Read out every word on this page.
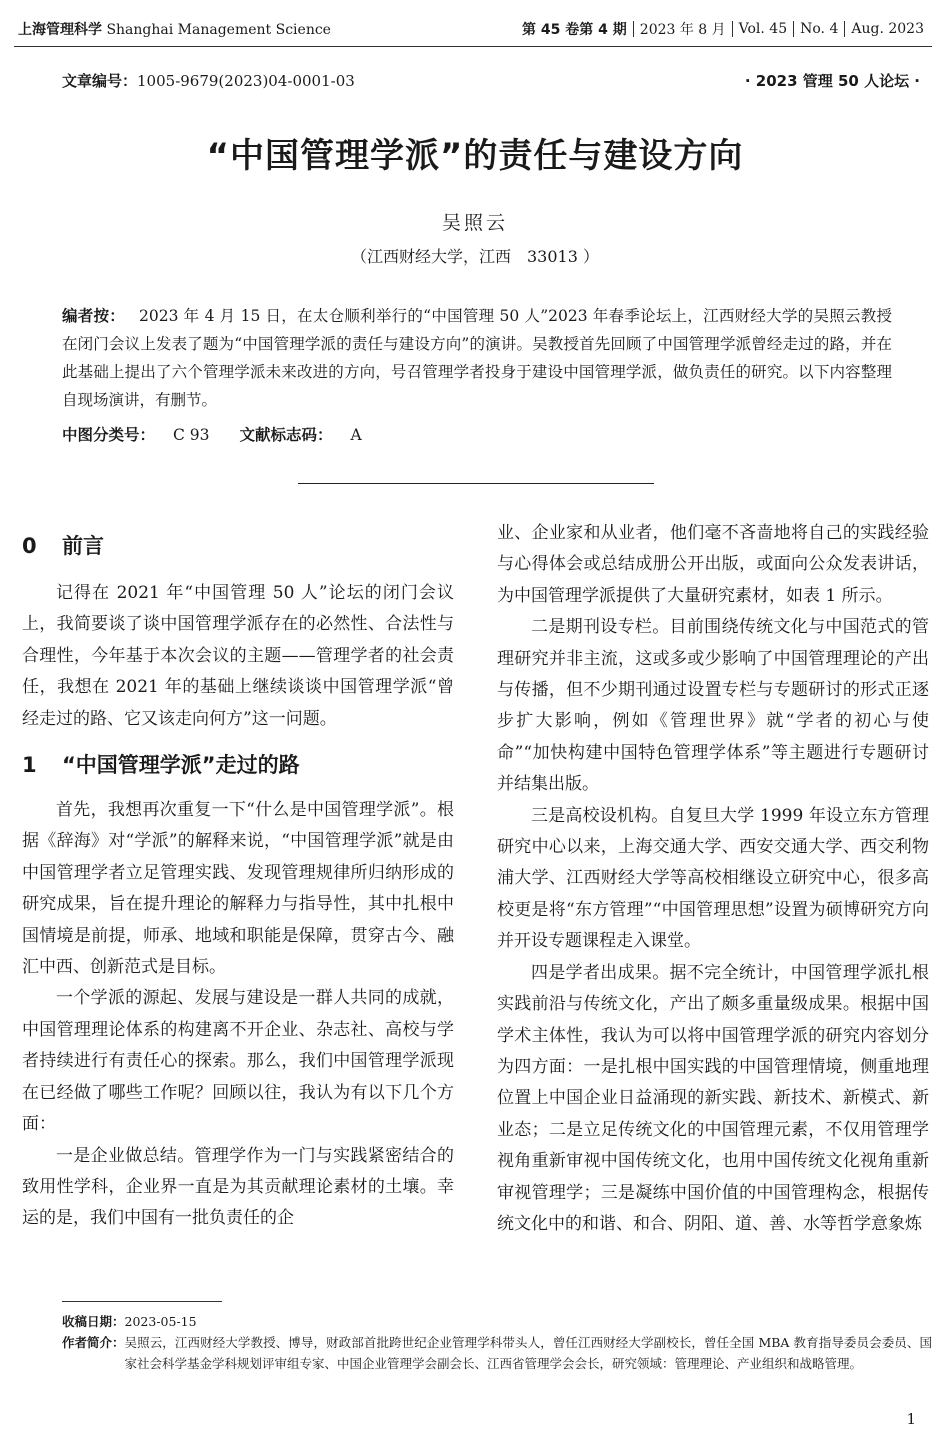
上海管理科学 Shanghai Management Science	第 45 卷第 4 期 2023 年 8 月 Vol. 45 No. 4 Aug. 2023
文章编号：1005-9679(2023)04-0001-03	· 2023 管理 50 人论坛 ·
“中国管理学派”的责任与建设方向
吴照云
（江西财经大学，江西　33013 ）
编者按： 2023 年 4 月 15 日，在太仓顺利举行的“中国管理 50 人”2023 年春季论坛上，江西财经大学的吴照云教授在闭门会议上发表了题为“中国管理学派的责任与建设方向”的演讲。吴教授首先回顾了中国管理学派曾经走过的路，并在此基础上提出了六个管理学派未来改进的方向，号召管理学者投身于建设中国管理学派，做负责任的研究。以下内容整理自现场演讲，有删节。
中图分类号： C 93 文献标志码： A
0 前言

记得在 2021 年“中国管理 50 人”论坛的闭门会议上，我简要谈了谈中国管理学派存在的必然性、合法性与合理性，今年基于本次会议的主题——管理学者的社会责任，我想在 2021 年的基础上继续谈谈中国管理学派“曾经走过的路、它又该走向何方”这一问题。

1 “中国管理学派”走过的路

首先，我想再次重复一下“什么是中国管理学派”。根据《辞海》对“学派”的解释来说，“中国管理学派”就是由中国管理学者立足管理实践、发现管理规律所归纳形成的研究成果，旨在提升理论的解释力与指导性，其中扎根中国情境是前提，师承、地域和职能是保障，贯穿古今、融汇中西、创新范式是目标。

一个学派的源起、发展与建设是一群人共同的成就，中国管理理论体系的构建离不开企业、杂志社、高校与学者持续进行有责任心的探索。那么，我们中国管理学派现在已经做了哪些工作呢？回顾以往，我认为有以下几个方面：

一是企业做总结。管理学作为一门与实践紧密结合的致用性学科，企业界一直是为其贡献理论素材的土壤。幸运的是，我们中国有一批负责任的企

业、企业家和从业者，他们毫不吝啬地将自己的实践经验与心得体会或总结成册公开出版，或面向公众发表讲话，为中国管理学派提供了大量研究素材，如表 1 所示。

二是期刊设专栏。目前围绕传统文化与中国范式的管理研究并非主流，这或多或少影响了中国管理理论的产出与传播，但不少期刊通过设置专栏与专题研讨的形式正逐步扩大影响，例如《管理世界》就“学者的初心与使命”“加快构建中国特色管理学体系”等主题进行专题研讨并结集出版。

三是高校设机构。自复旦大学 1999 年设立东方管理研究中心以来，上海交通大学、西安交通大学、西交利物浦大学、江西财经大学等高校相继设立研究中心，很多高校更是将“东方管理”“中国管理思想”设置为硕博研究方向并开设专题课程走入课堂。

四是学者出成果。据不完全统计，中国管理学派扎根实践前沿与传统文化，产出了颇多重量级成果。根据中国学术主体性，我认为可以将中国管理学派的研究内容划分为四方面：一是扎根中国实践的中国管理情境，侧重地理位置上中国企业日益涌现的新实践、新技术、新模式、新业态；二是立足传统文化的中国管理元素，不仅用管理学视角重新审视中国传统文化，也用中国传统文化视角重新审视管理学；三是凝练中国价值的中国管理构念，根据传统文化中的和谐、和合、阴阳、道、善、水等哲学意象炼

收稿日期： 2023-05-15
作者简介： 吴照云，江西财经大学教授、博导，财政部首批跨世纪企业管理学科带头人，曾任江西财经大学副校长，曾任全国 MBA 教育指导委员会委员、国家社会科学基金学科规划评审组专家、中国企业管理学会副会长、江西省管理学会会长，研究领域：管理理论、产业组织和战略管理。
1
